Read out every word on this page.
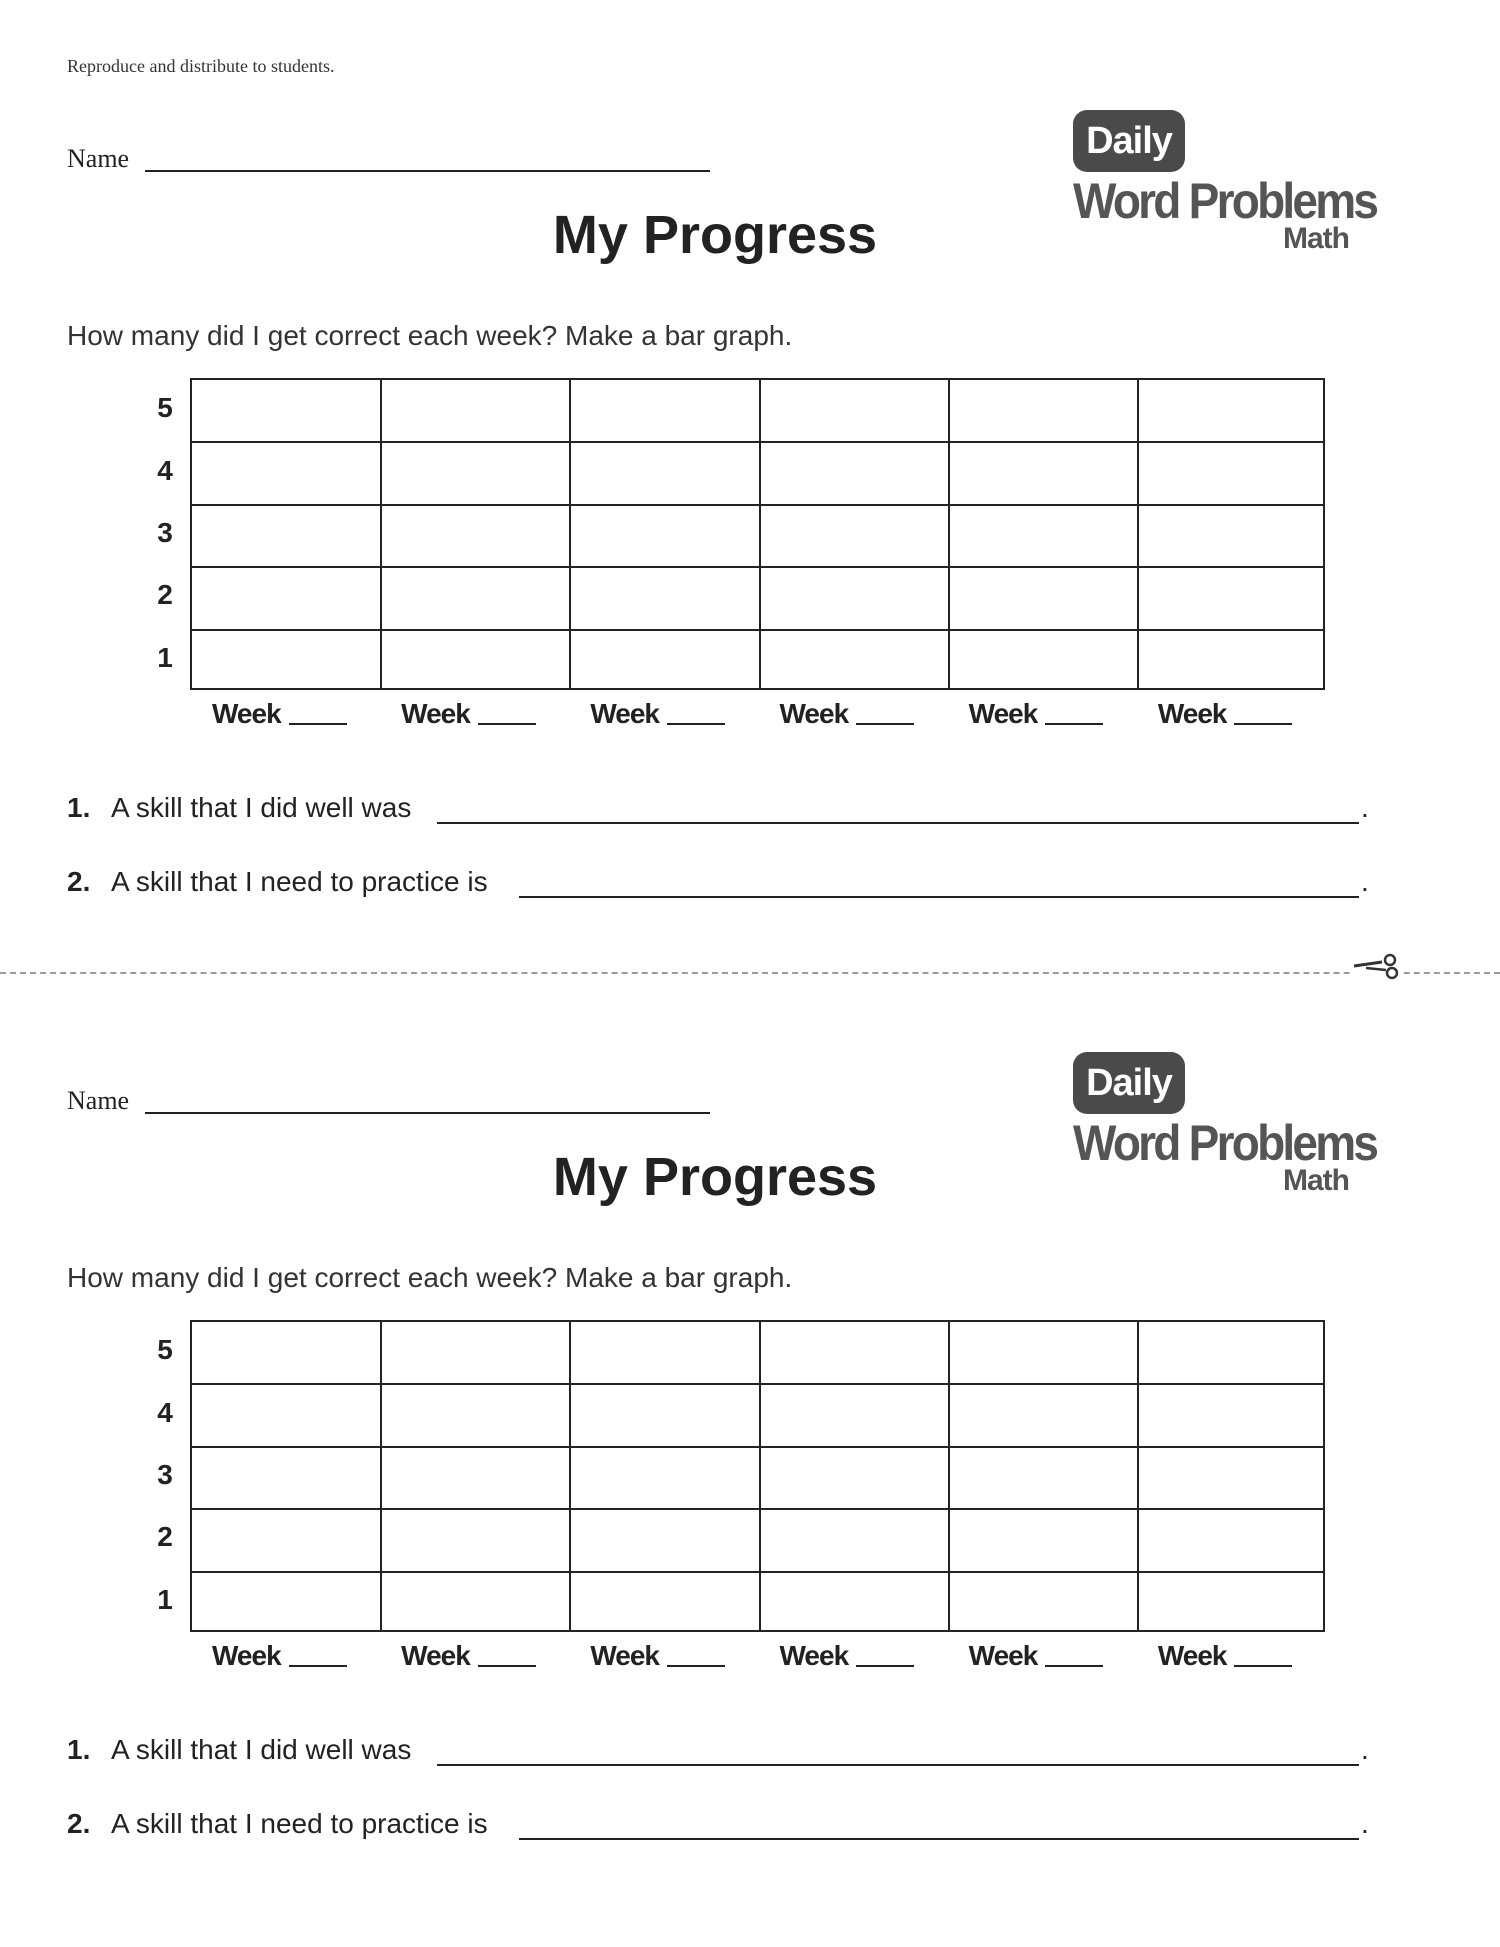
Reproduce and distribute to students.
Name	Daily
Word Problems
Math
My Progress
How many did I get correct each week? Make a bar graph.
5
4
3
2
1
Week	Week	Week	Week	Week	Week
1. A skill that I did well was	.
2. A skill that I need to practice is	.
Name	Daily
Word Problems
Math
My Progress
How many did I get correct each week? Make a bar graph.
5
4
3
2
1
Week	Week	Week	Week	Week	Week
1. A skill that I did well was	.
2. A skill that I need to practice is	.
